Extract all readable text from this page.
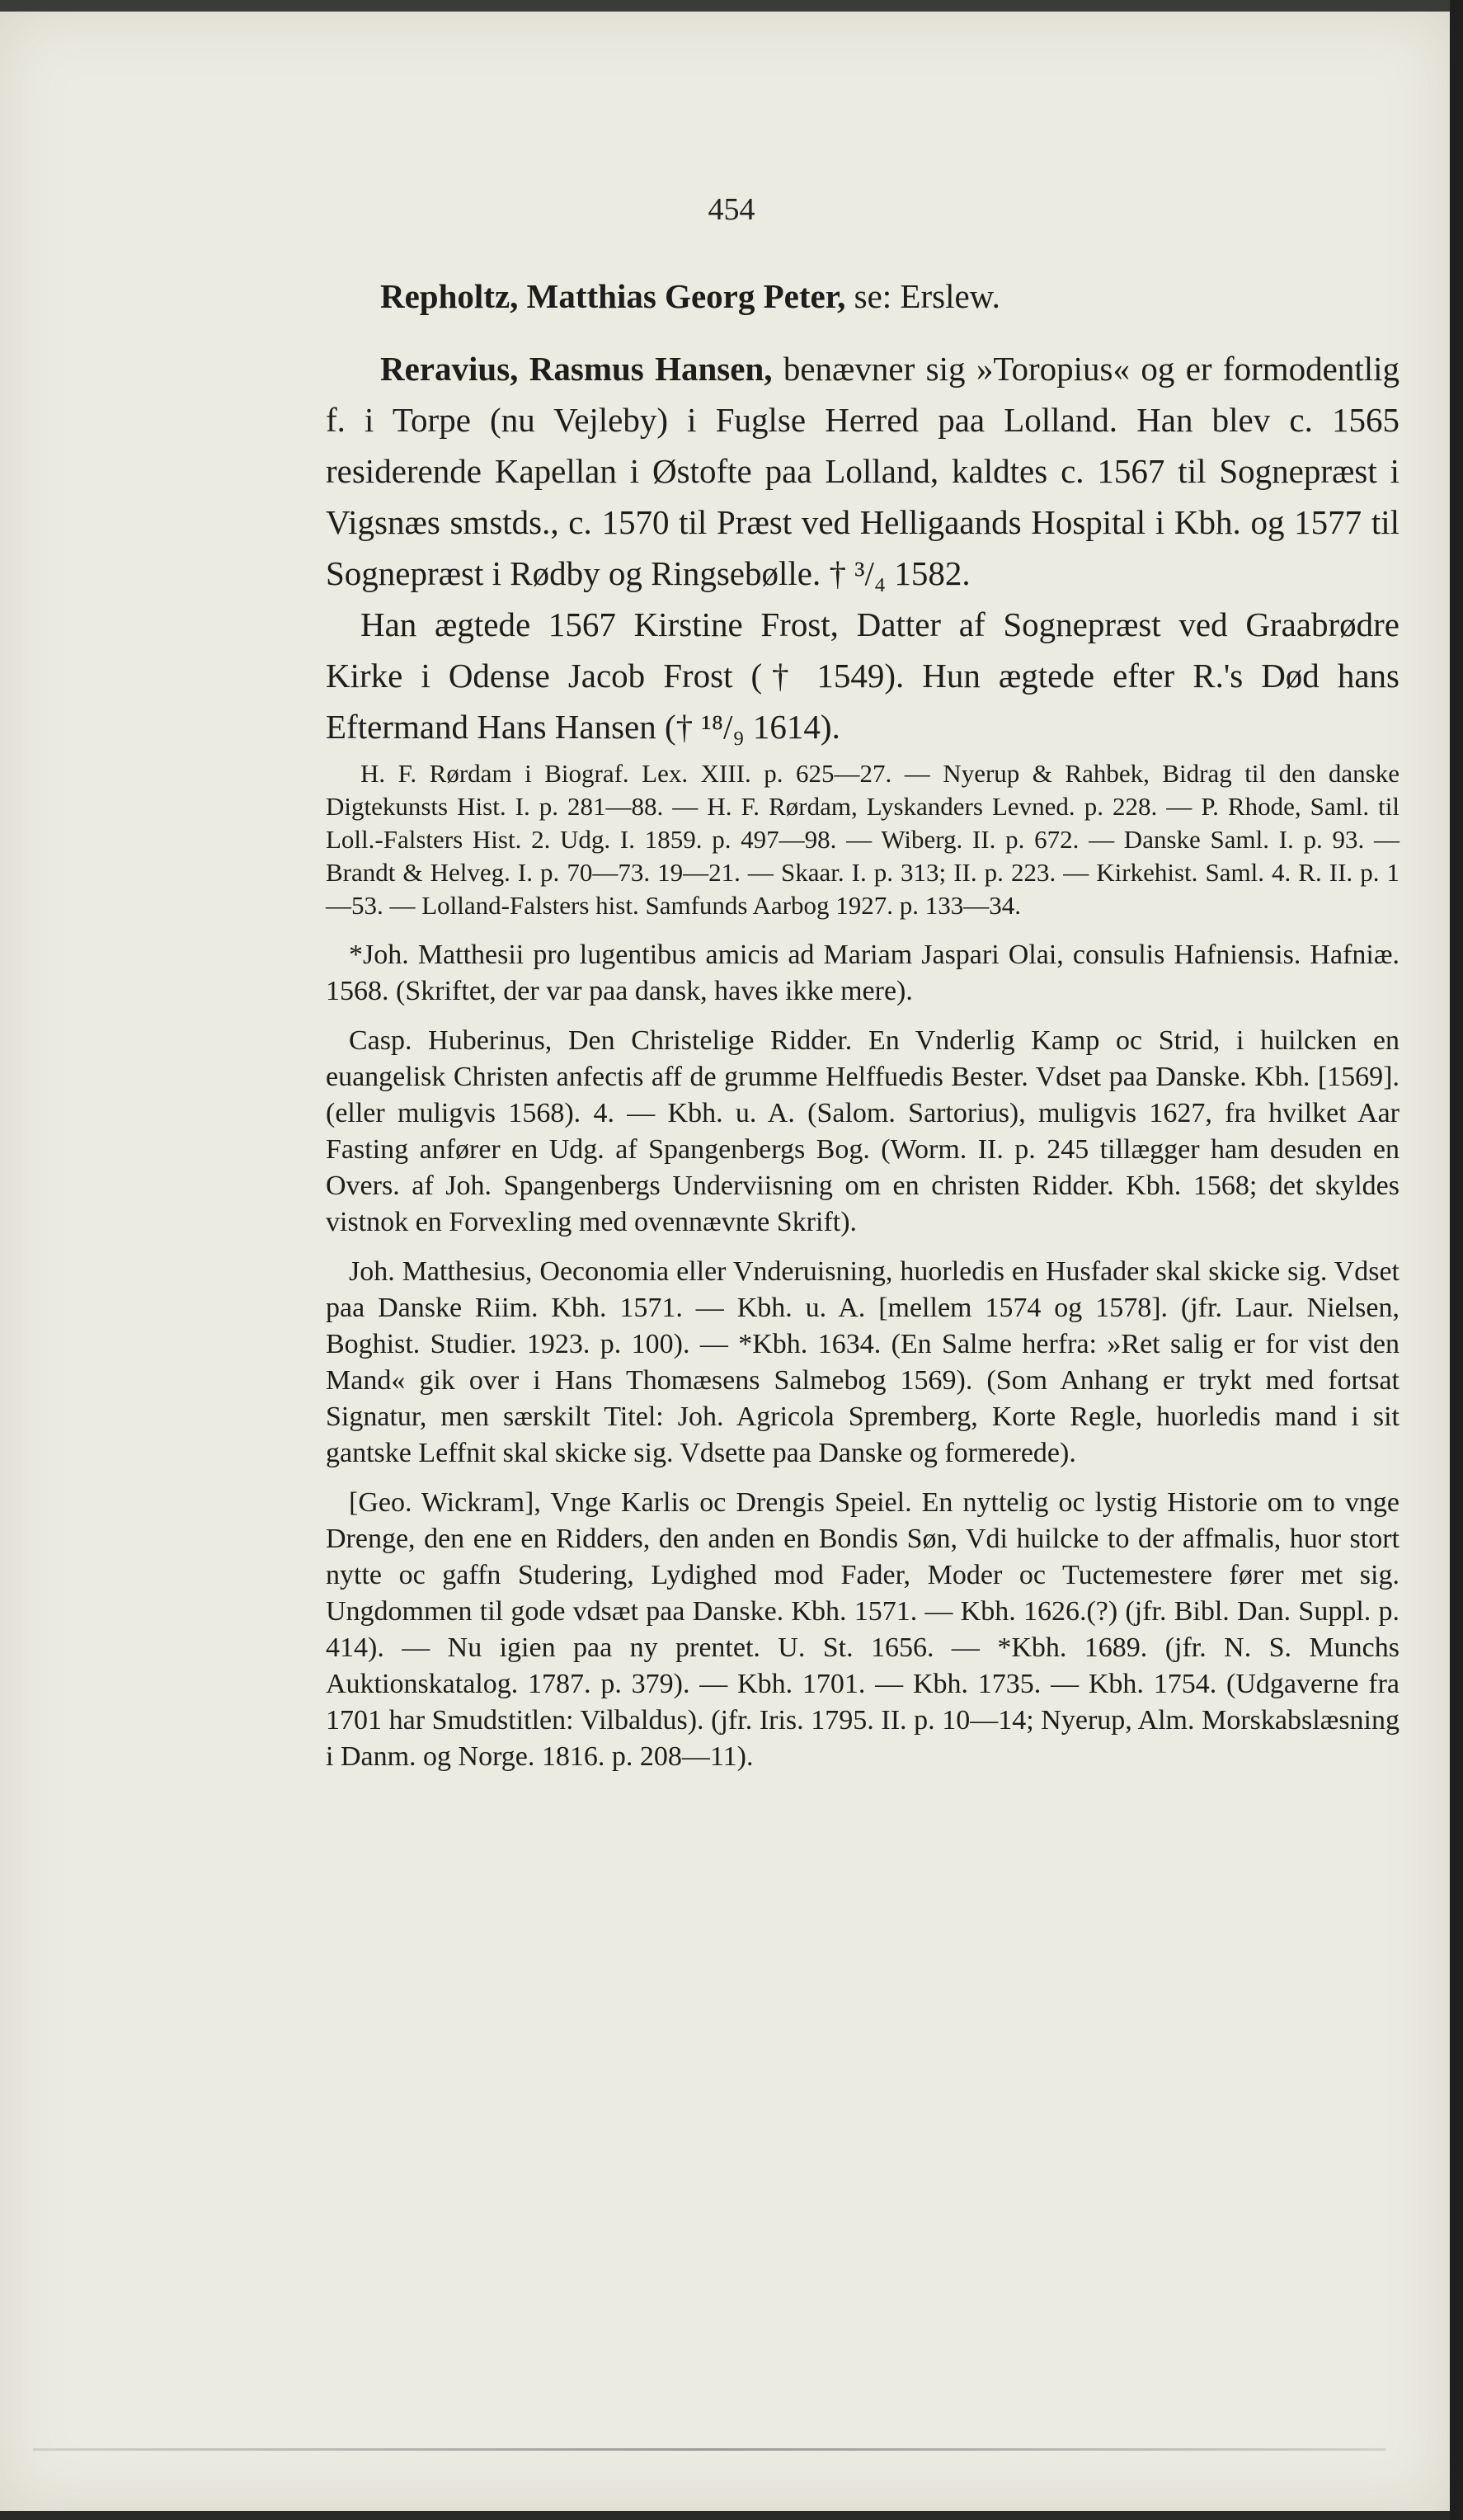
454

Repholtz, Matthias Georg Peter, se: Erslew.

Reravius, Rasmus Hansen, benævner sig »Toropius« og er formodentlig f. i Torpe (nu Vejleby) i Fuglse Herred paa Lolland. Han blev c. 1565 residerende Kapellan i Østofte paa Lolland, kaldtes c. 1567 til Sognepræst i Vigsnæs smstds., c. 1570 til Præst ved Helligaands Hospital i Kbh. og 1577 til Sognepræst i Rødby og Ringsebølle. † ³/₄ 1582.

Han ægtede 1567 Kirstine Frost, Datter af Sognepræst ved Graabrødre Kirke i Odense Jacob Frost († 1549). Hun ægtede efter R.'s Død hans Eftermand Hans Hansen († ¹⁸/₉ 1614).

H. F. Rørdam i Biograf. Lex. XIII. p. 625—27. — Nyerup & Rahbek, Bidrag til den danske Digtekunsts Hist. I. p. 281—88. — H. F. Rørdam, Lyskanders Levned. p. 228. — P. Rhode, Saml. til Loll.-Falsters Hist. 2. Udg. I. 1859. p. 497—98. — Wiberg. II. p. 672. — Danske Saml. I. p. 93. — Brandt & Helveg. I. p. 70—73. 19—21. — Skaar. I. p. 313; II. p. 223. — Kirkehist. Saml. 4. R. II. p. 1—53. — Lolland-Falsters hist. Samfunds Aarbog 1927. p. 133—34.

*Joh. Matthesii pro lugentibus amicis ad Mariam Jaspari Olai, consulis Hafniensis. Hafniæ. 1568. (Skriftet, der var paa dansk, haves ikke mere).

Casp. Huberinus, Den Christelige Ridder. En Vnderlig Kamp oc Strid, i huilcken en euangelisk Christen anfectis aff de grumme Helffuedis Bester. Vdset paa Danske. Kbh. [1569]. (eller muligvis 1568). 4. — Kbh. u. A. (Salom. Sartorius), muligvis 1627, fra hvilket Aar Fasting anfører en Udg. af Spangenbergs Bog. (Worm. II. p. 245 tillægger ham desuden en Overs. af Joh. Spangenbergs Underviisning om en christen Ridder. Kbh. 1568; det skyldes vistnok en Forvexling med ovennævnte Skrift).

Joh. Matthesius, Oeconomia eller Vnderuisning, huorledis en Husfader skal skicke sig. Vdset paa Danske Riim. Kbh. 1571. — Kbh. u. A. [mellem 1574 og 1578]. (jfr. Laur. Nielsen, Boghist. Studier. 1923. p. 100). — *Kbh. 1634. (En Salme herfra: »Ret salig er for vist den Mand« gik over i Hans Thomæsens Salmebog 1569). (Som Anhang er trykt med fortsat Signatur, men særskilt Titel: Joh. Agricola Spremberg, Korte Regle, huorledis mand i sit gantske Leffnit skal skicke sig. Vdsette paa Danske og formerede).

[Geo. Wickram], Vnge Karlis oc Drengis Speiel. En nyttelig oc lystig Historie om to vnge Drenge, den ene en Ridders, den anden en Bondis Søn, Vdi huilcke to der affmalis, huor stort nytte oc gaffn Studering, Lydighed mod Fader, Moder oc Tuctemestere fører met sig. Ungdommen til gode vdsæt paa Danske. Kbh. 1571. — Kbh. 1626.(?) (jfr. Bibl. Dan. Suppl. p. 414). — Nu igien paa ny prentet. U. St. 1656. — *Kbh. 1689. (jfr. N. S. Munchs Auktionskatalog. 1787. p. 379). — Kbh. 1701. — Kbh. 1735. — Kbh. 1754. (Udgaverne fra 1701 har Smudstitlen: Vilbaldus). (jfr. Iris. 1795. II. p. 10—14; Nyerup, Alm. Morskabslæsning i Danm. og Norge. 1816. p. 208—11).
